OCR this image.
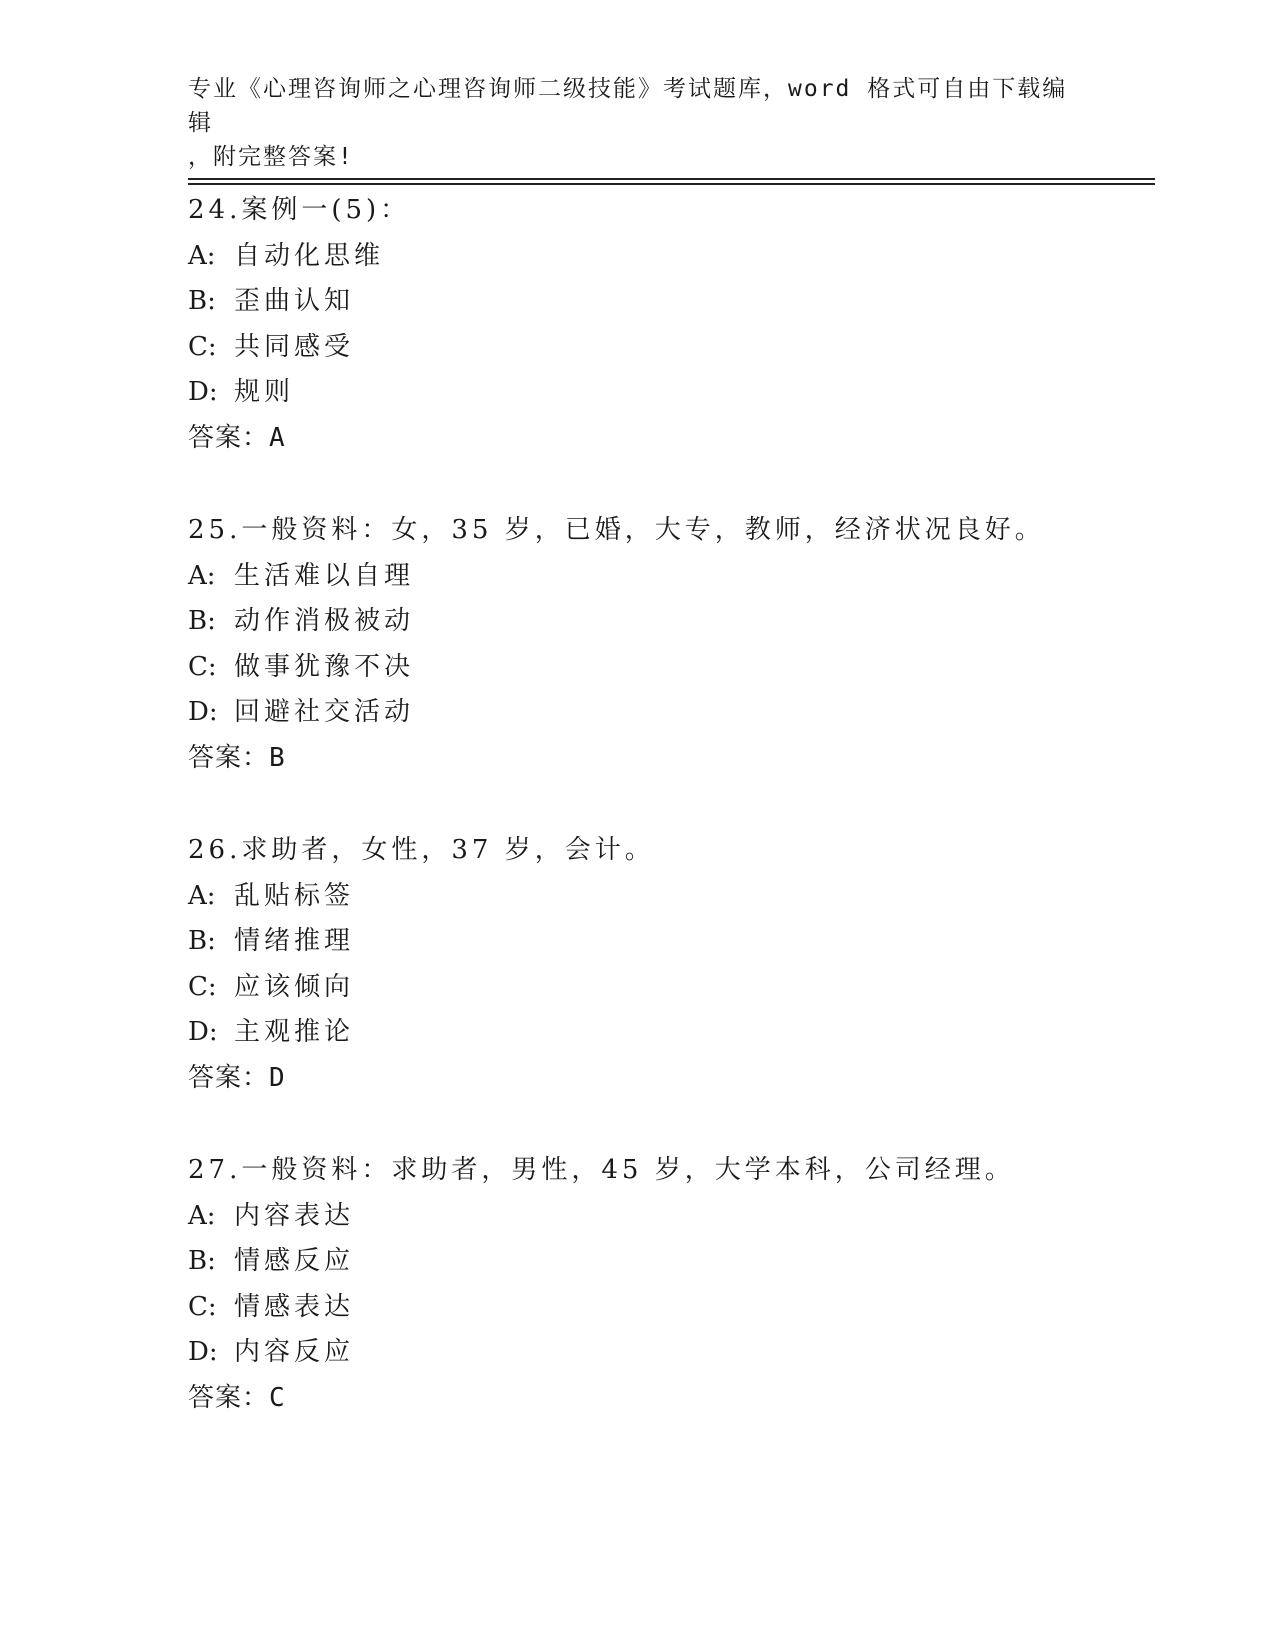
专业《心理咨询师之心理咨询师二级技能》考试题库，word 格式可自由下载编辑
，附完整答案!
24.案例一(5)：
A: 自动化思维
B: 歪曲认知
C: 共同感受
D: 规则
答案：A
25.一般资料：女，35 岁，已婚，大专，教师，经济状况良好。
A: 生活难以自理
B: 动作消极被动
C: 做事犹豫不决
D: 回避社交活动
答案：B
26.求助者，女性，37 岁，会计。
A: 乱贴标签
B: 情绪推理
C: 应该倾向
D: 主观推论
答案：D
27.一般资料：求助者，男性，45 岁，大学本科，公司经理。
A: 内容表达
B: 情感反应
C: 情感表达
D: 内容反应
答案：C
